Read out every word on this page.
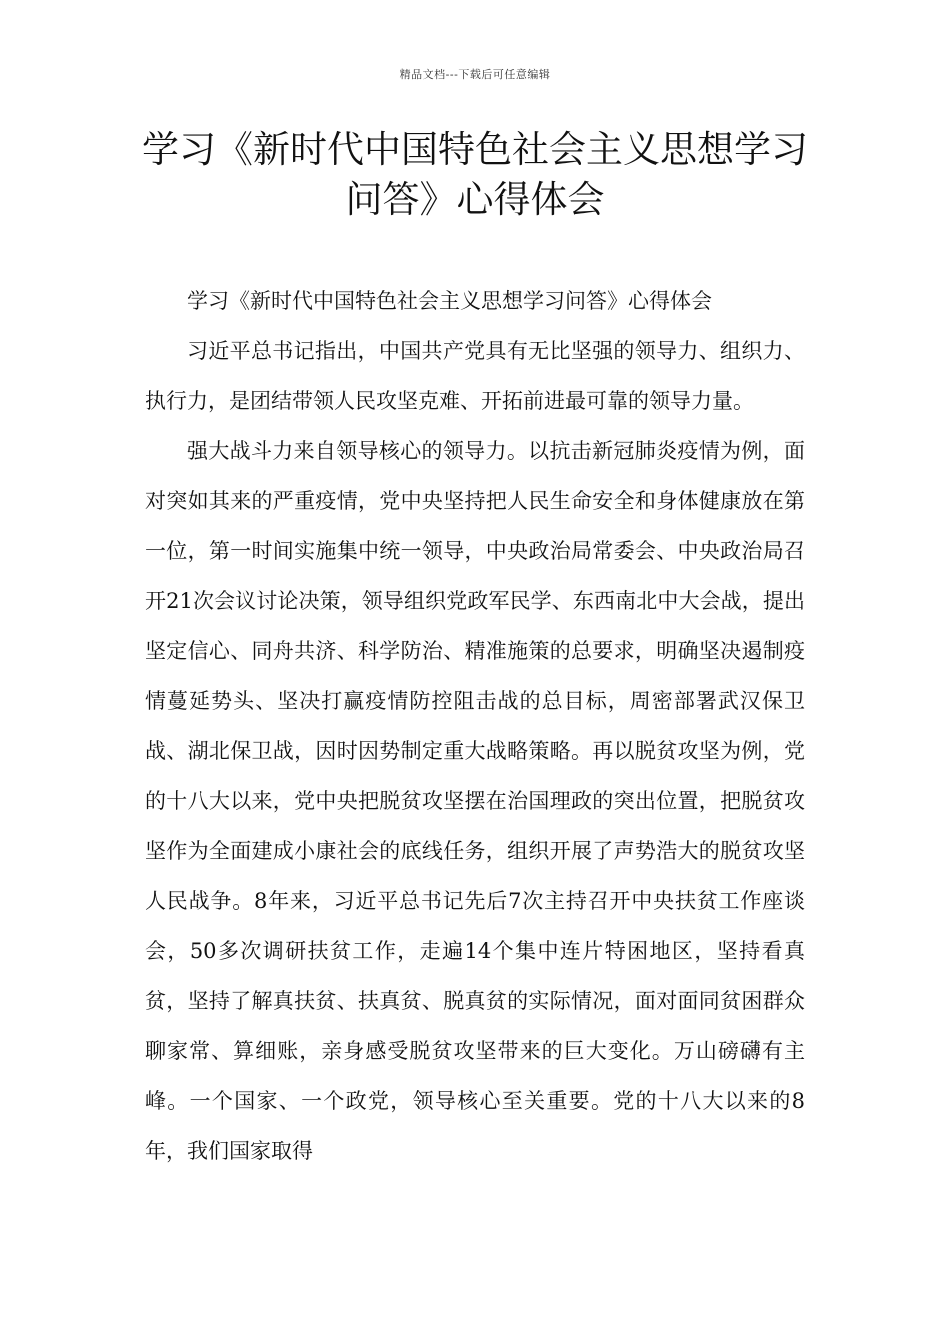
精品文档---下载后可任意编辑
学习《新时代中国特色社会主义思想学习问答》心得体会

学习《新时代中国特色社会主义思想学习问答》心得体会

习近平总书记指出，中国共产党具有无比坚强的领导力、组织力、执行力，是团结带领人民攻坚克难、开拓前进最可靠的领导力量。

强大战斗力来自领导核心的领导力。以抗击新冠肺炎疫情为例，面对突如其来的严重疫情，党中央坚持把人民生命安全和身体健康放在第一位，第一时间实施集中统一领导，中央政治局常委会、中央政治局召开21次会议讨论决策，领导组织党政军民学、东西南北中大会战，提出坚定信心、同舟共济、科学防治、精准施策的总要求，明确坚决遏制疫情蔓延势头、坚决打赢疫情防控阻击战的总目标，周密部署武汉保卫战、湖北保卫战，因时因势制定重大战略策略。再以脱贫攻坚为例，党的十八大以来，党中央把脱贫攻坚摆在治国理政的突出位置，把脱贫攻坚作为全面建成小康社会的底线任务，组织开展了声势浩大的脱贫攻坚人民战争。8年来，习近平总书记先后7次主持召开中央扶贫工作座谈会，50多次调研扶贫工作，走遍14个集中连片特困地区，坚持看真贫，坚持了解真扶贫、扶真贫、脱真贫的实际情况，面对面同贫困群众聊家常、算细账，亲身感受脱贫攻坚带来的巨大变化。万山磅礴有主峰。一个国家、一个政党，领导核心至关重要。党的十八大以来的8年，我们国家取得
